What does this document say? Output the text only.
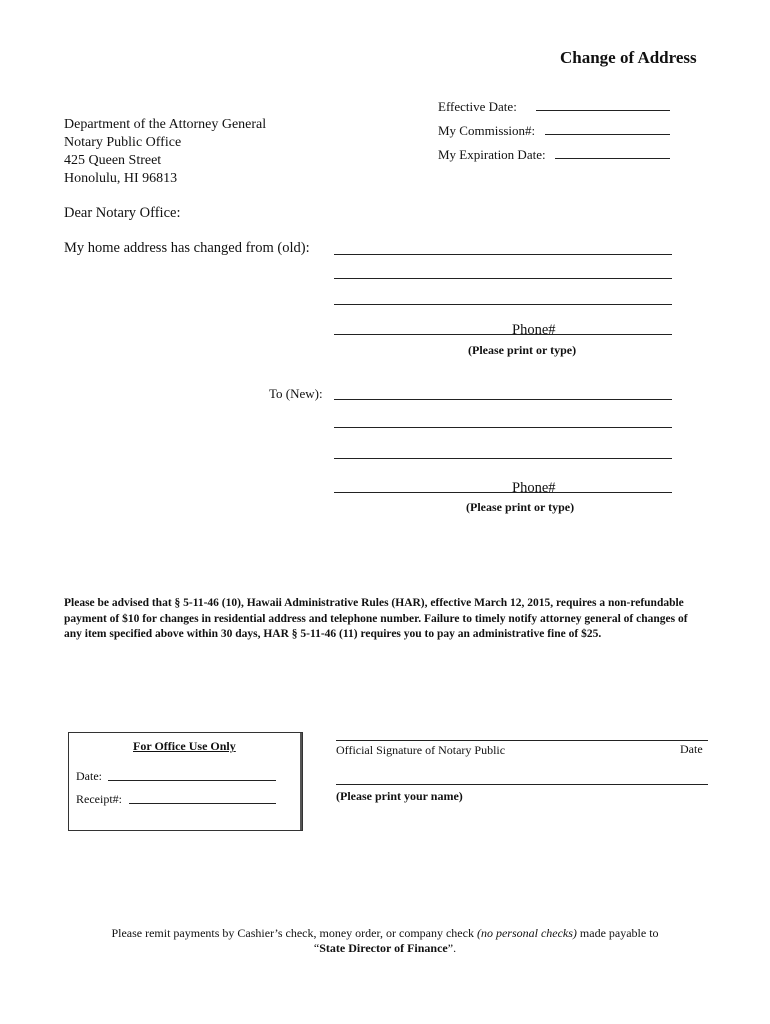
Change of Address
Effective Date:
My Commission#:
My Expiration Date:
Department of the Attorney General
Notary Public Office
425 Queen Street
Honolulu, HI 96813
Dear Notary Office:
My home address has changed from (old):
Phone#
(Please print or type)
To (New):
Phone#
(Please print or type)
Please be advised that § 5-11-46 (10), Hawaii Administrative Rules (HAR), effective March 12, 2015, requires a non-refundable payment of $10 for changes in residential address and telephone number. Failure to timely notify attorney general of changes of any item specified above within 30 days, HAR § 5-11-46 (11) requires you to pay an administrative fine of $25.
For Office Use Only
Date:
Receipt#:
Official Signature of Notary Public	Date
(Please print your name)
Please remit payments by Cashier’s check, money order, or company check (no personal checks) made payable to
“State Director of Finance”.
